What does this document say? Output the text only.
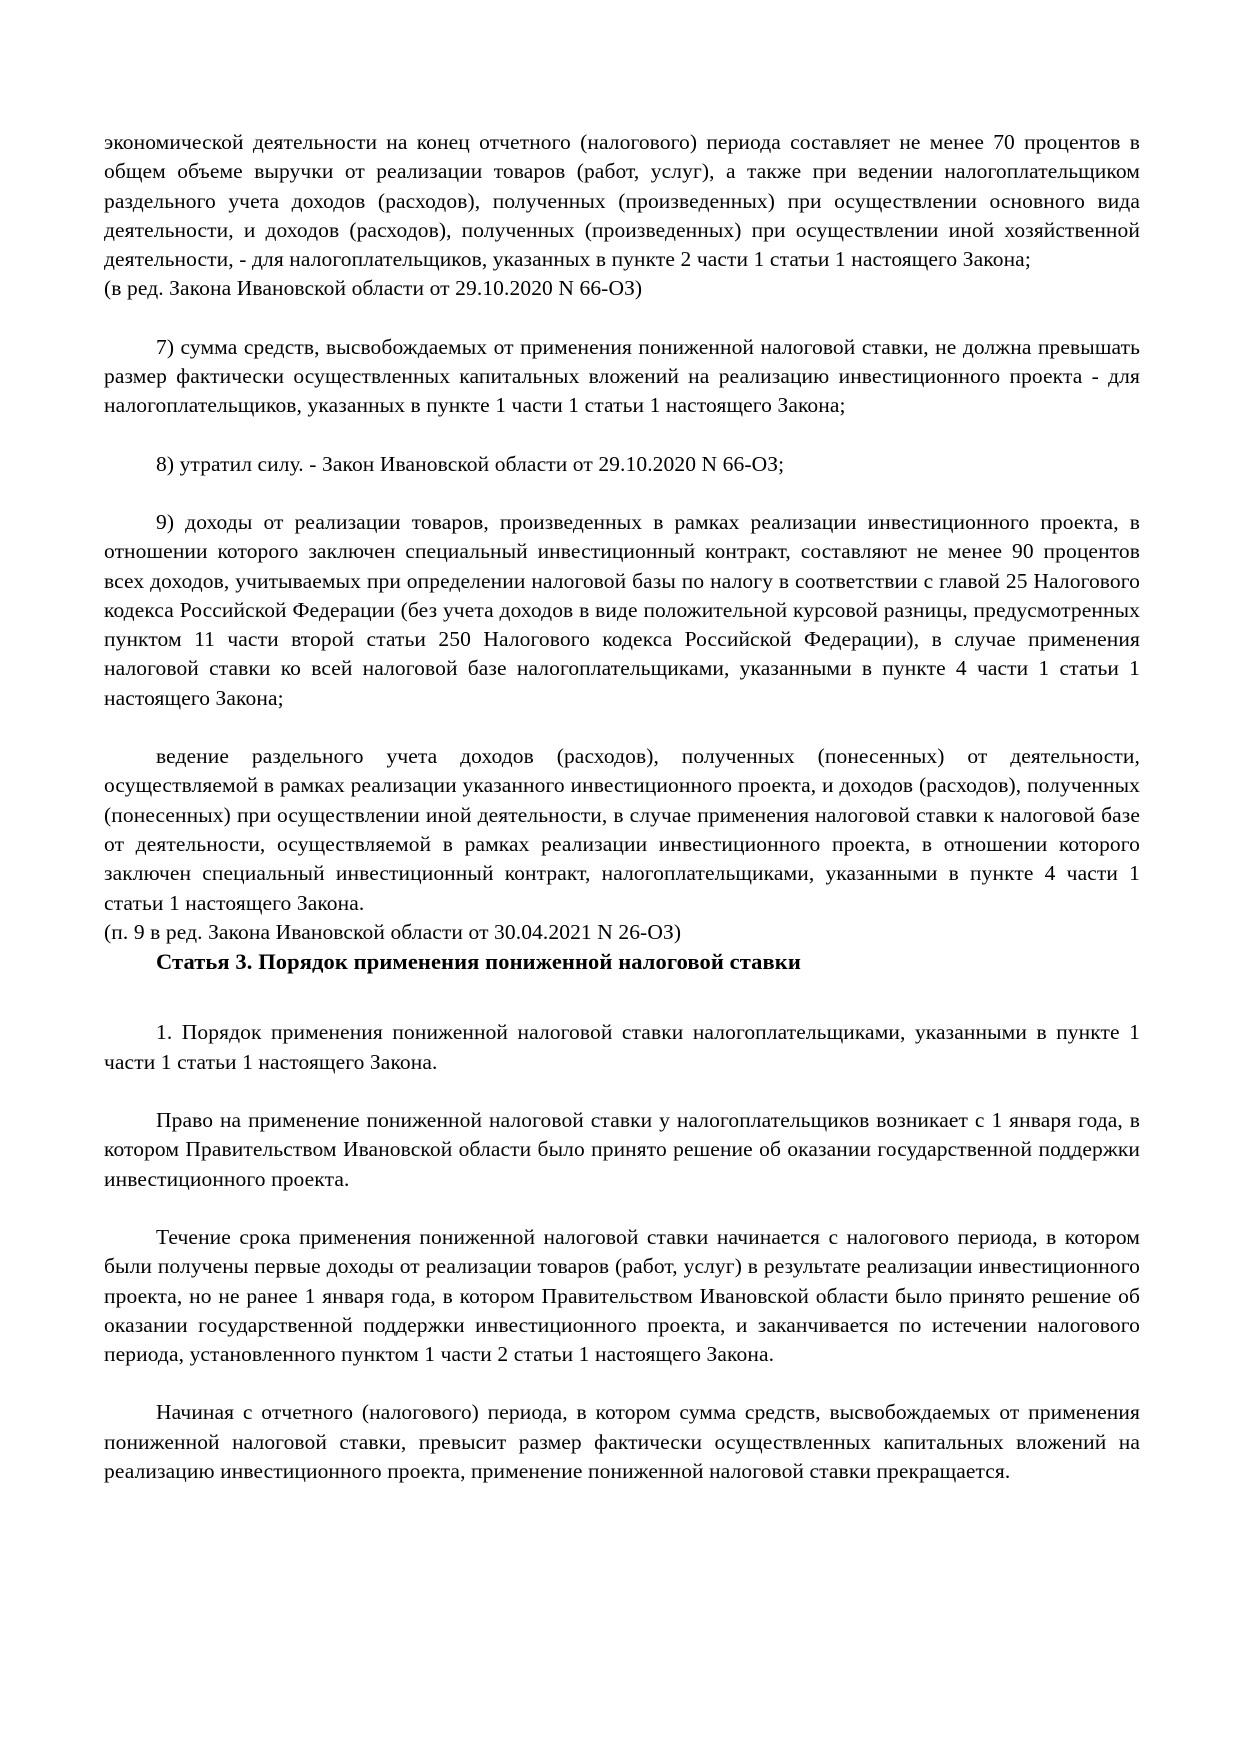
экономической деятельности на конец отчетного (налогового) периода составляет не менее 70 процентов в общем объеме выручки от реализации товаров (работ, услуг), а также при ведении налогоплательщиком раздельного учета доходов (расходов), полученных (произведенных) при осуществлении основного вида деятельности, и доходов (расходов), полученных (произведенных) при осуществлении иной хозяйственной деятельности, - для налогоплательщиков, указанных в пункте 2 части 1 статьи 1 настоящего Закона;

(в ред. Закона Ивановской области от 29.10.2020 N 66-ОЗ)

7) сумма средств, высвобождаемых от применения пониженной налоговой ставки, не должна превышать размер фактически осуществленных капитальных вложений на реализацию инвестиционного проекта - для налогоплательщиков, указанных в пункте 1 части 1 статьи 1 настоящего Закона;

8) утратил силу. - Закон Ивановской области от 29.10.2020 N 66-ОЗ;

9) доходы от реализации товаров, произведенных в рамках реализации инвестиционного проекта, в отношении которого заключен специальный инвестиционный контракт, составляют не менее 90 процентов всех доходов, учитываемых при определении налоговой базы по налогу в соответствии с главой 25 Налогового кодекса Российской Федерации (без учета доходов в виде положительной курсовой разницы, предусмотренных пунктом 11 части второй статьи 250 Налогового кодекса Российской Федерации), в случае применения налоговой ставки ко всей налоговой базе налогоплательщиками, указанными в пункте 4 части 1 статьи 1 настоящего Закона;

ведение раздельного учета доходов (расходов), полученных (понесенных) от деятельности, осуществляемой в рамках реализации указанного инвестиционного проекта, и доходов (расходов), полученных (понесенных) при осуществлении иной деятельности, в случае применения налоговой ставки к налоговой базе от деятельности, осуществляемой в рамках реализации инвестиционного проекта, в отношении которого заключен специальный инвестиционный контракт, налогоплательщиками, указанными в пункте 4 части 1 статьи 1 настоящего Закона.

(п. 9 в ред. Закона Ивановской области от 30.04.2021 N 26-ОЗ)

Статья 3. Порядок применения пониженной налоговой ставки

1. Порядок применения пониженной налоговой ставки налогоплательщиками, указанными в пункте 1 части 1 статьи 1 настоящего Закона.

Право на применение пониженной налоговой ставки у налогоплательщиков возникает с 1 января года, в котором Правительством Ивановской области было принято решение об оказании государственной поддержки инвестиционного проекта.

Течение срока применения пониженной налоговой ставки начинается с налогового периода, в котором были получены первые доходы от реализации товаров (работ, услуг) в результате реализации инвестиционного проекта, но не ранее 1 января года, в котором Правительством Ивановской области было принято решение об оказании государственной поддержки инвестиционного проекта, и заканчивается по истечении налогового периода, установленного пунктом 1 части 2 статьи 1 настоящего Закона.

Начиная с отчетного (налогового) периода, в котором сумма средств, высвобождаемых от применения пониженной налоговой ставки, превысит размер фактически осуществленных капитальных вложений на реализацию инвестиционного проекта, применение пониженной налоговой ставки прекращается.
